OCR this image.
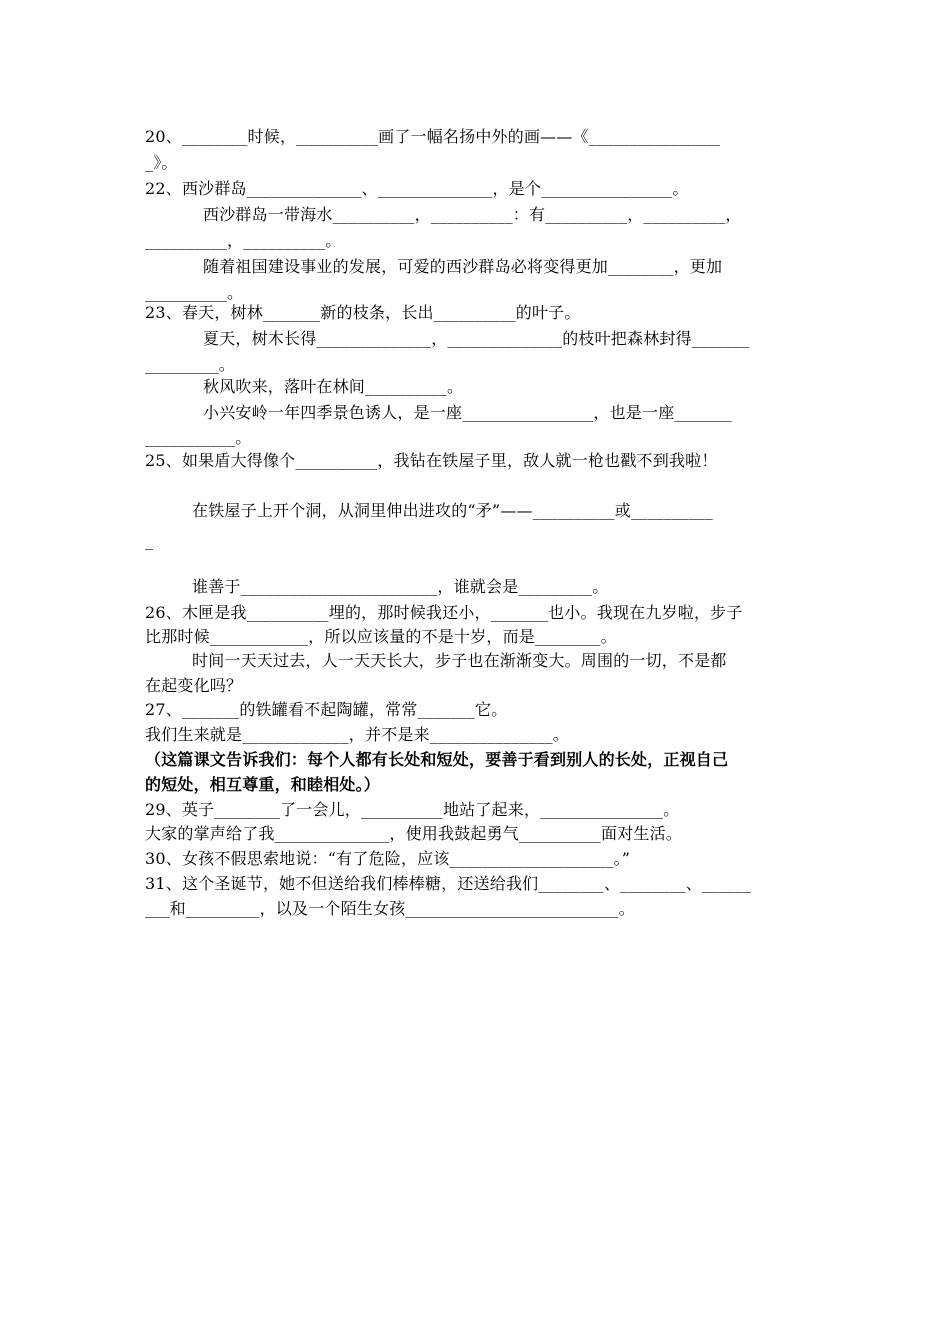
20、________时候，__________画了一幅名扬中外的画——《________________
_》。
22、西沙群岛______________、______________，是个________________。
西沙群岛一带海水__________，__________：有__________，__________，
__________，__________。
随着祖国建设事业的发展，可爱的西沙群岛必将变得更加________，更加
__________。
23、春天，树林_______新的枝条，长出__________的叶子。
夏天，树木长得______________，______________的枝叶把森林封得_______
_________。
秋风吹来，落叶在林间__________。
小兴安岭一年四季景色诱人，是一座________________，也是一座_______
___________。
25、如果盾大得像个__________，我钻在铁屋子里，敌人就一枪也戳不到我啦！
在铁屋子上开个洞，从洞里伸出进攻的“矛”——__________或__________
_
谁善于________________________，谁就会是_________。
26、木匣是我__________埋的，那时候我还小，_______也小。我现在九岁啦，步子
比那时候____________，所以应该量的不是十岁，而是________。
时间一天天过去，人一天天长大，步子也在渐渐变大。周围的一切，不是都
在起变化吗？
27、_______的铁罐看不起陶罐，常常_______它。
我们生来就是_____________，并不是来_______________。
（这篇课文告诉我们：每个人都有长处和短处，要善于看到别人的长处，正视自己
的短处，相互尊重，和睦相处。）
29、英子________了一会儿，__________地站了起来，_______________。
大家的掌声给了我______________，使用我鼓起勇气__________面对生活。
30、女孩不假思索地说：“有了危险，应该____________________。”
31、这个圣诞节，她不但送给我们棒棒糖，还送给我们________、________、______
___和_________，以及一个陌生女孩__________________________。
